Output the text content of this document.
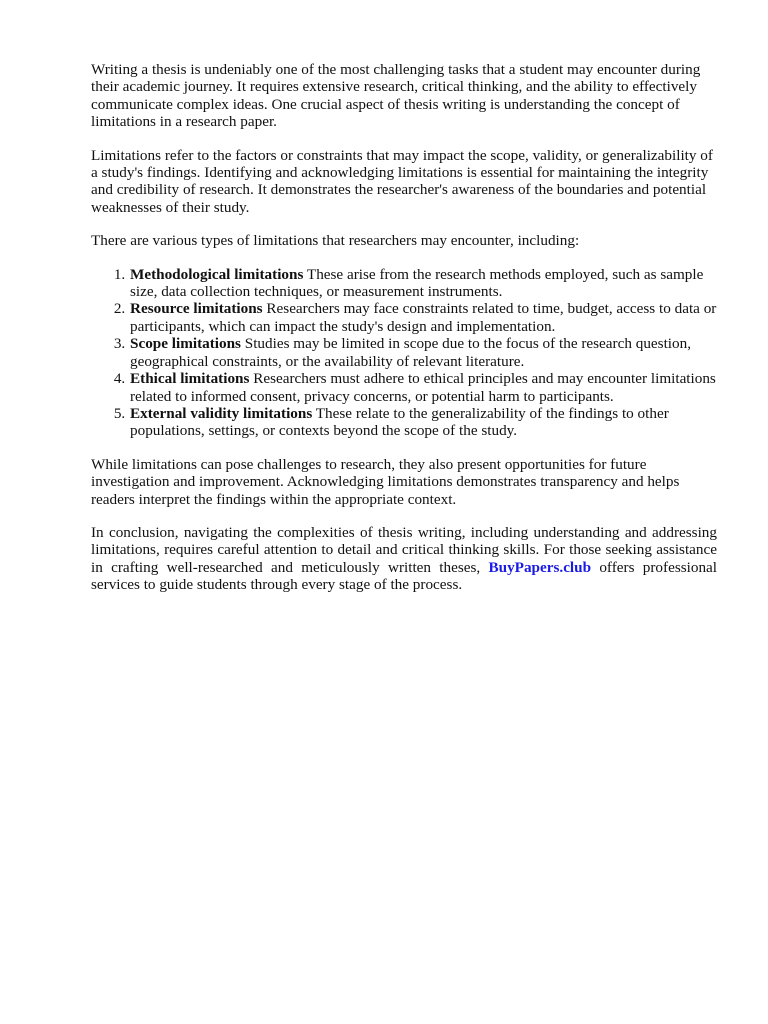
Writing a thesis is undeniably one of the most challenging tasks that a student may encounter during their academic journey. It requires extensive research, critical thinking, and the ability to effectively communicate complex ideas. One crucial aspect of thesis writing is understanding the concept of limitations in a research paper.

Limitations refer to the factors or constraints that may impact the scope, validity, or generalizability of a study's findings. Identifying and acknowledging limitations is essential for maintaining the integrity and credibility of research. It demonstrates the researcher's awareness of the boundaries and potential weaknesses of their study.

There are various types of limitations that researchers may encounter, including:

1. Methodological limitations These arise from the research methods employed, such as sample size, data collection techniques, or measurement instruments.
2. Resource limitations Researchers may face constraints related to time, budget, access to data or participants, which can impact the study's design and implementation.
3. Scope limitations Studies may be limited in scope due to the focus of the research question, geographical constraints, or the availability of relevant literature.
4. Ethical limitations Researchers must adhere to ethical principles and may encounter limitations related to informed consent, privacy concerns, or potential harm to participants.
5. External validity limitations These relate to the generalizability of the findings to other populations, settings, or contexts beyond the scope of the study.

While limitations can pose challenges to research, they also present opportunities for future investigation and improvement. Acknowledging limitations demonstrates transparency and helps readers interpret the findings within the appropriate context.

In conclusion, navigating the complexities of thesis writing, including understanding and addressing limitations, requires careful attention to detail and critical thinking skills. For those seeking assistance in crafting well-researched and meticulously written theses, BuyPapers.club offers professional services to guide students through every stage of the process.
